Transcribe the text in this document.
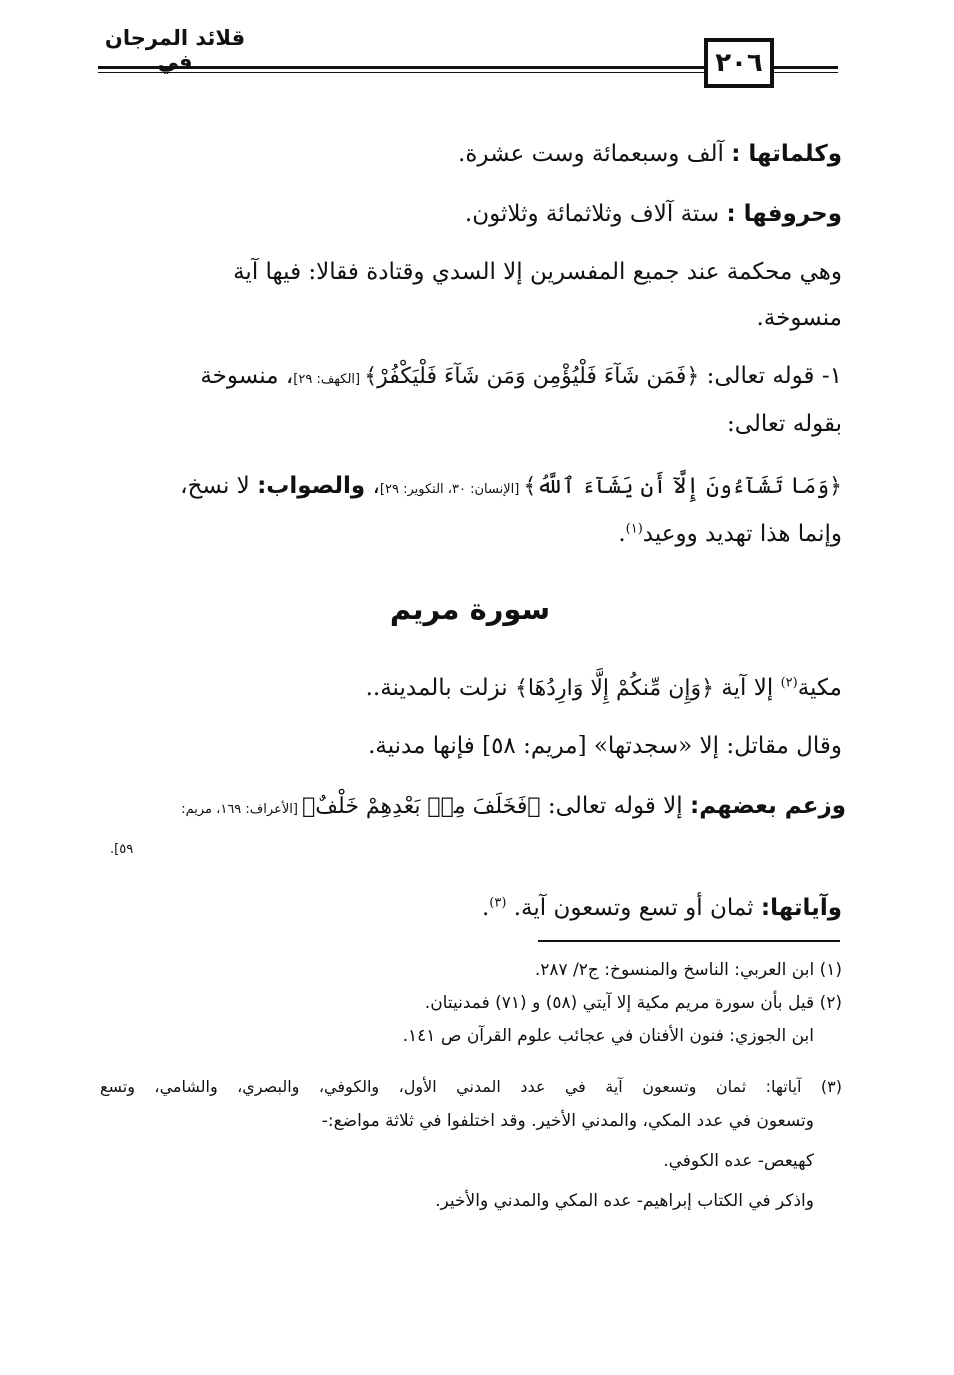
٢٠٦
قلائد المرجان في
وكلماتها : آلف وسبعمائة وست عشرة.
وحروفها : ستة آلاف وثلاثمائة وثلاثون.
وهي محكمة عند جميع المفسرين إلا السدي وقتادة فقالا: فيها آية
منسوخة.
١- قوله تعالى: ﴿فَمَن شَآءَ فَلْيُؤْمِن وَمَن شَآءَ فَلْيَكْفُرْ﴾ [الكهف: ٢٩]، منسوخة
بقوله تعالى:
﴿وَمَا تَشَآءُونَ إِلَّآ أَن يَشَآءَ ٱللَّهُ﴾ [الإنسان: ٣٠، التكوير: ٢٩]، والصواب: لا نسخ،
وإنما هذا تهديد ووعيد$^{(١)}$.
سورة مريم
مكية$^{(٢)}$ إلا آية ﴿وَإِن مِّنكُمْ إِلَّا وَارِدُهَا﴾ نزلت بالمدينة..
وقال مقاتل: إلا «سجدتها» [مريم: ٥٨] فإنها مدنية.
وزعم بعضهم: إلا قوله تعالى: ﴿فَخَلَفَ مِنۢ بَعْدِهِمْ خَلْفٌ﴾ [الأعراف: ١٦٩، مريم:
٥٩].
وآياتها: ثمان أو تسع وتسعون آية. $^{(٣)}$.
(١) ابن العربي: الناسخ والمنسوخ: ج٢/ ٢٨٧.
(٢) قيل بأن سورة مريم مكية إلا آيتي (٥٨) و (٧١) فمدنيتان.
ابن الجوزي: فنون الأفنان في عجائب علوم القرآن ص ١٤١.
(٣) آياتها: ثمان وتسعون آية في عدد المدني الأول، والكوفي، والبصري، والشامي، وتسع
وتسعون في عدد المكي، والمدني الأخير. وقد اختلفوا في ثلاثة مواضع:-
كهيعص- عده الكوفي.
واذكر في الكتاب إبراهيم- عده المكي والمدني والأخير.
